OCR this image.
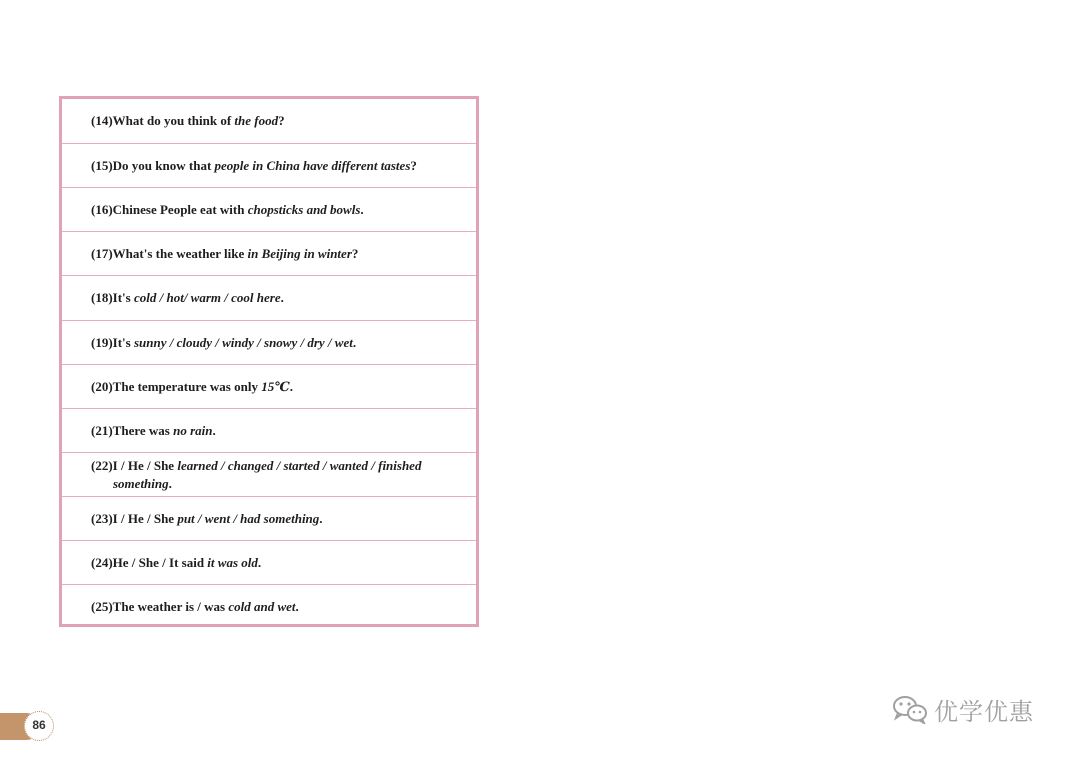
(14)What do you think of the food?
(15)Do you know that people in China have different tastes?
(16)Chinese People eat with chopsticks and bowls.
(17)What's the weather like in Beijing in winter?
(18)It's cold / hot/ warm / cool here.
(19)It's sunny / cloudy / windy / snowy / dry / wet.
(20)The temperature was only 15℃.
(21)There was no rain.
(22)I / He / She learned / changed / started / wanted / finished
something.
(23)I / He / She put / went / had something.
(24)He / She / It said it was old.
(25)The weather is / was cold and wet.
86	优学优惠
